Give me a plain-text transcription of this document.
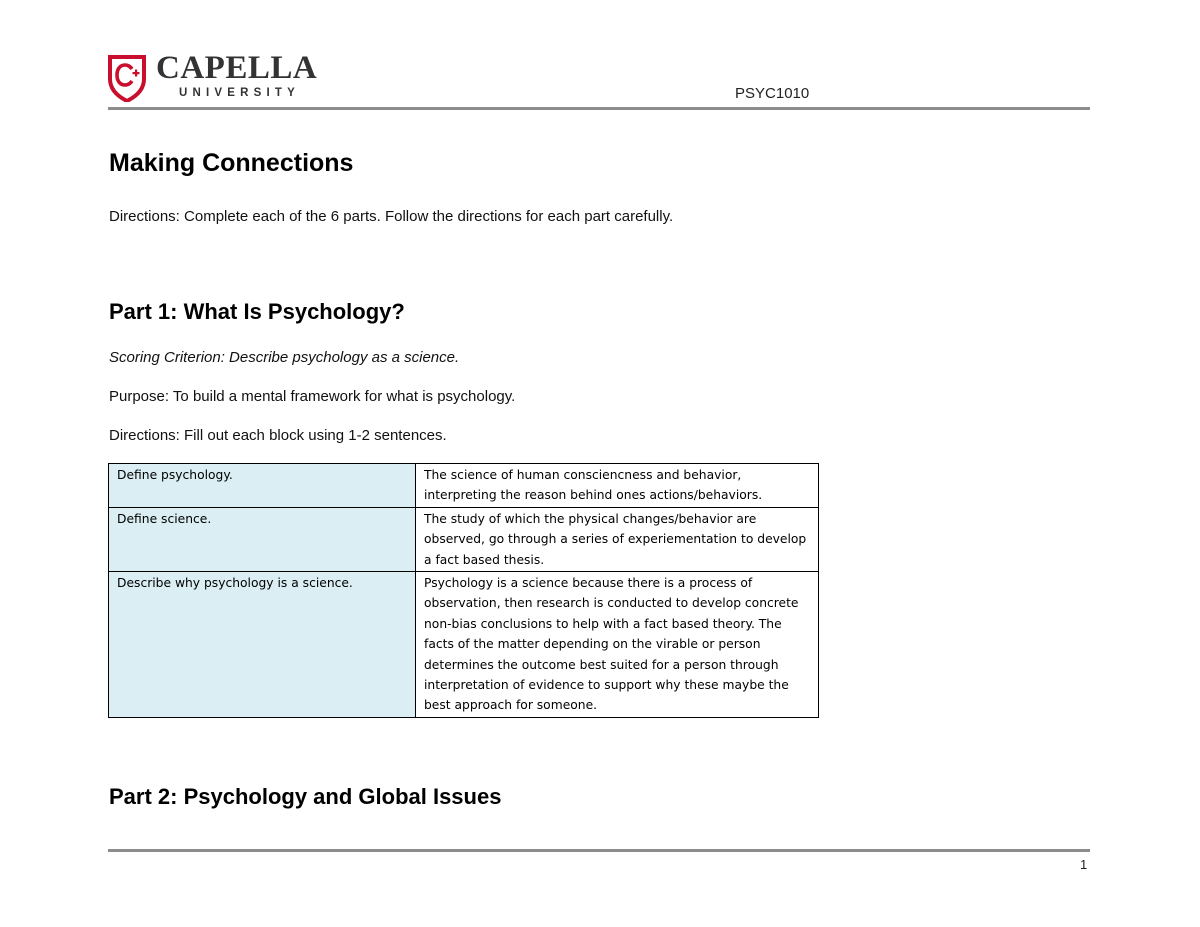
CAPELLA
UNIVERSITY	PSYC1010
Making Connections

Directions: Complete each of the 6 parts. Follow the directions for each part carefully.

Part 1: What Is Psychology?

Scoring Criterion: Describe psychology as a science.

Purpose: To build a mental framework for what is psychology.

Directions: Fill out each block using 1-2 sentences.

Define psychology.	The science of human consciencness and behavior, interpreting the reason behind ones actions/behaviors.
Define science.	The study of which the physical changes/behavior are observed, go through a series of experiementation to develop a fact based thesis.
Describe why psychology is a science.	Psychology is a science because there is a process of observation, then research is conducted to develop concrete non-bias conclusions to help with a fact based theory. The facts of the matter depending on the virable or person determines the outcome best suited for a person through interpretation of evidence to support why these maybe the best approach for someone.
Part 2: Psychology and Global Issues
1
